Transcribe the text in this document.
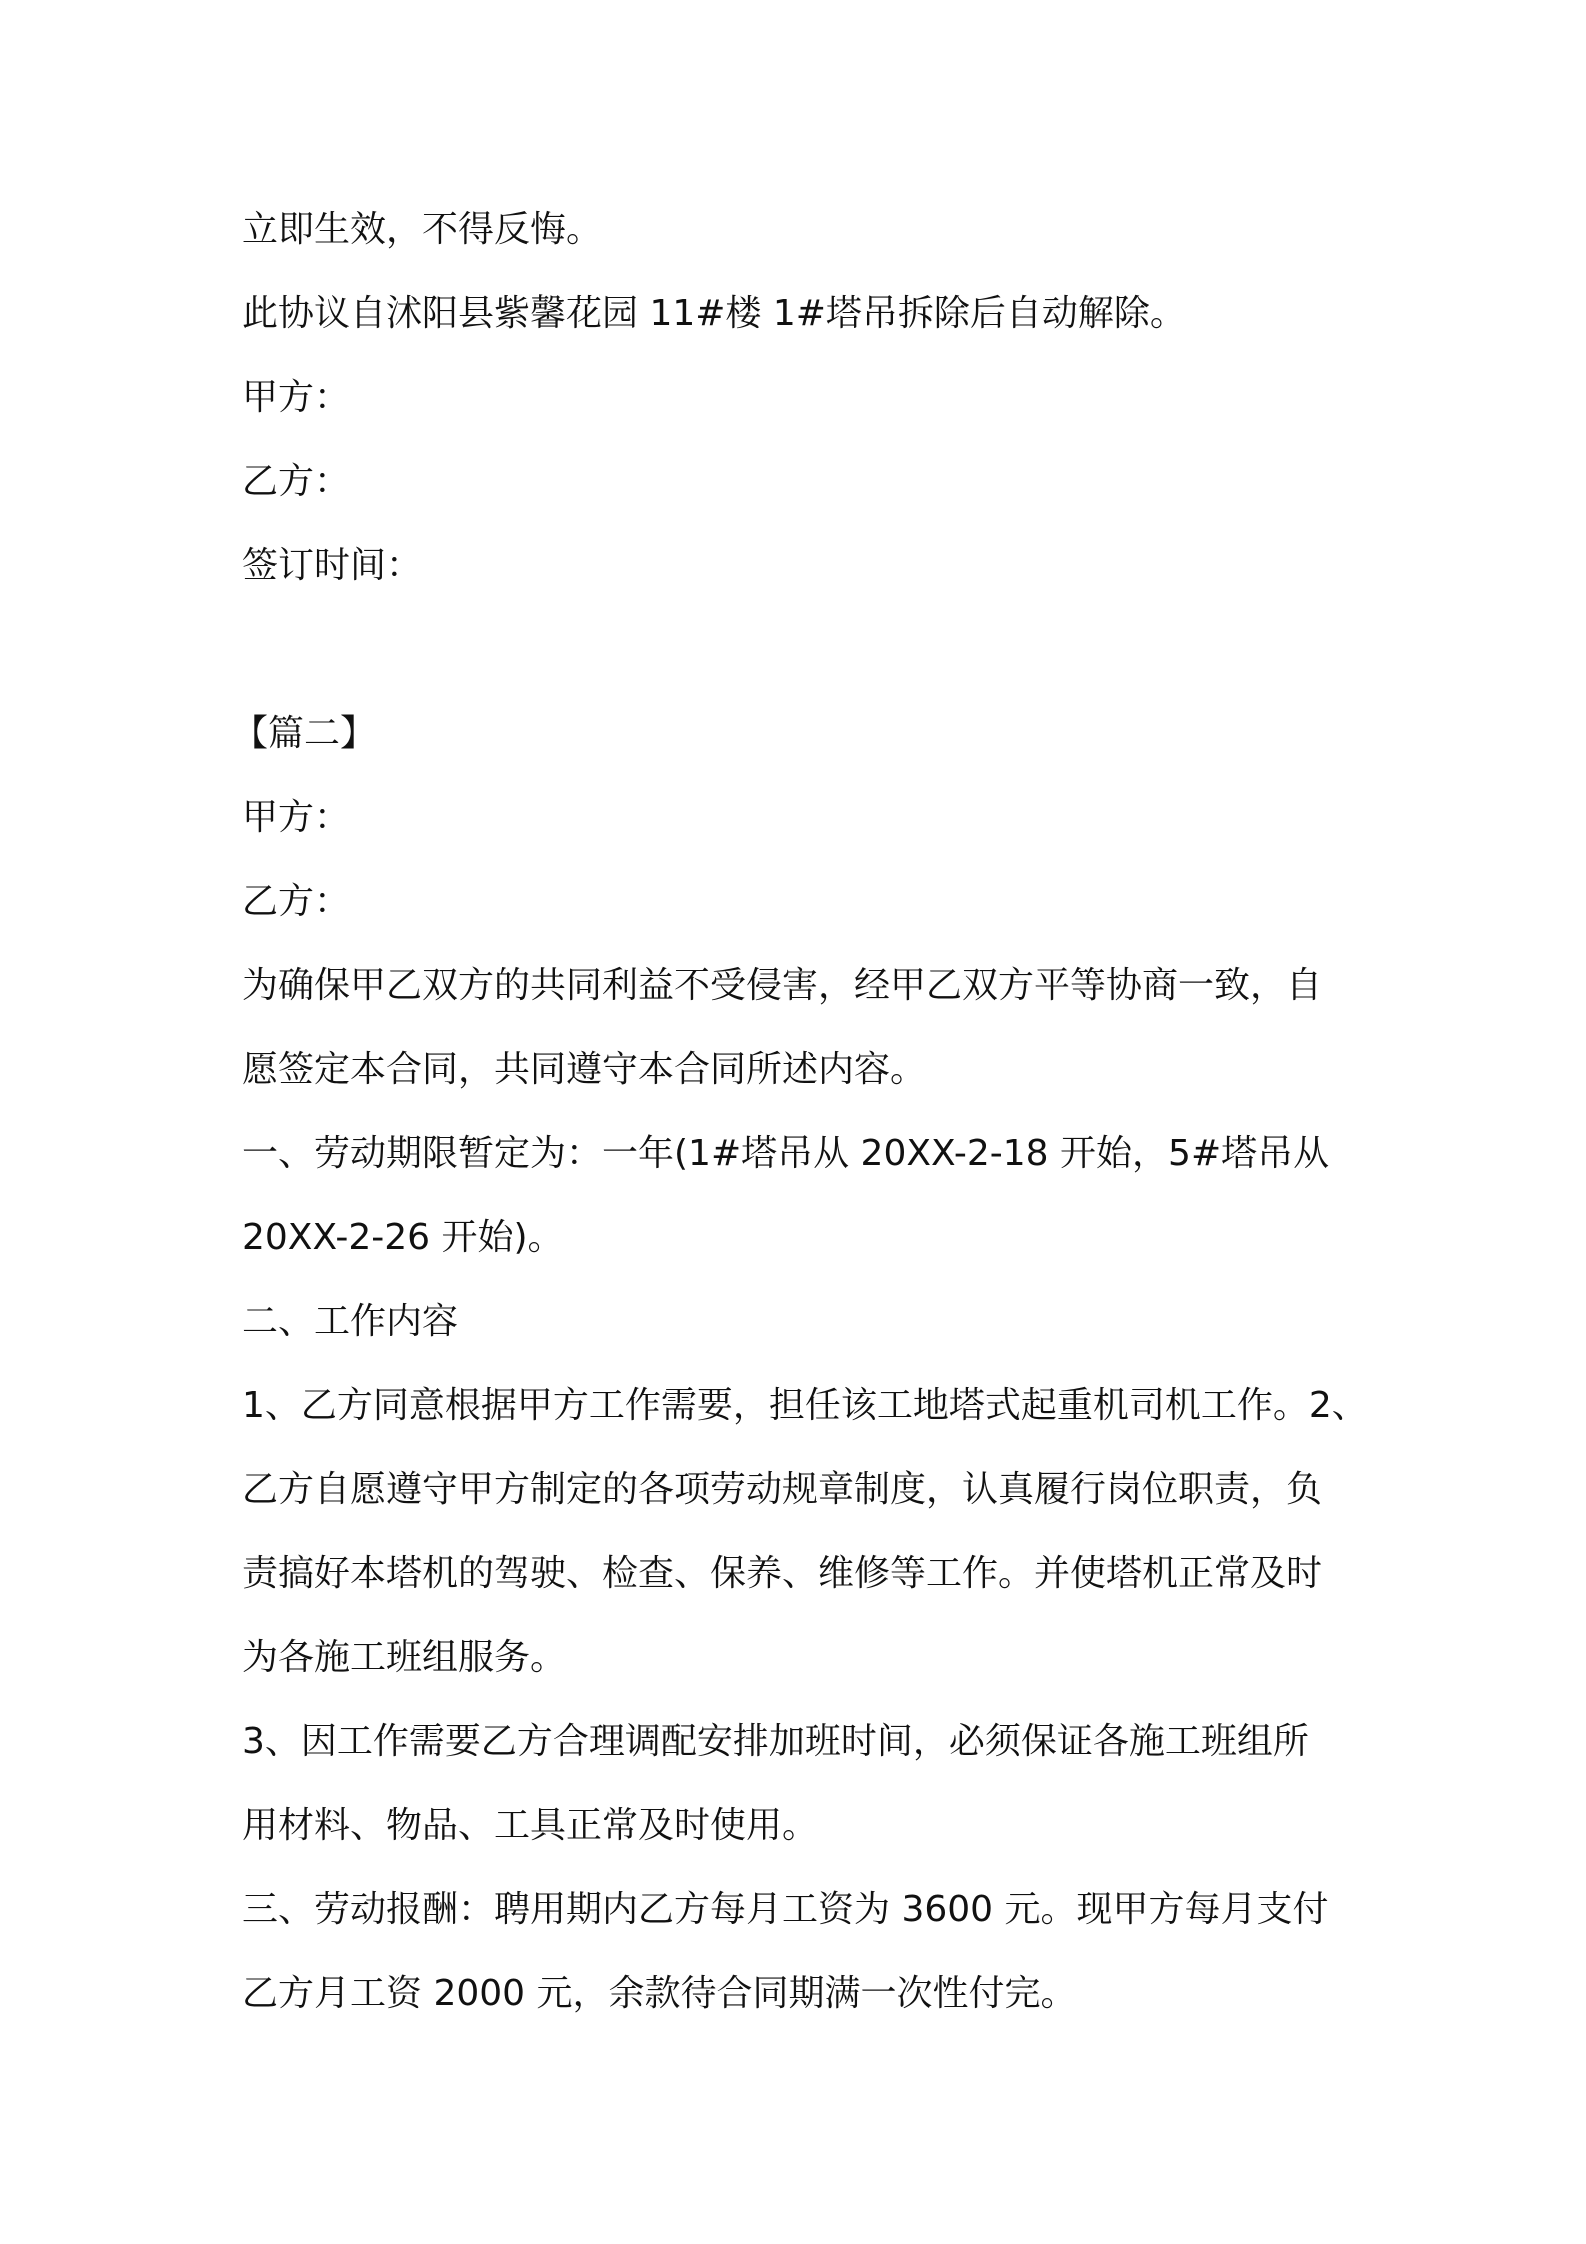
立即生效，不得反悔。
此协议自沭阳县紫馨花园 11#楼 1#塔吊拆除后自动解除。
甲方：
乙方：
签订时间：
【篇二】
甲方：
乙方：
为确保甲乙双方的共同利益不受侵害，经甲乙双方平等协商一致，自
愿签定本合同，共同遵守本合同所述内容。
一、劳动期限暂定为：一年(1#塔吊从 20XX-2-18 开始，5#塔吊从
20XX-2-26 开始)。
二、工作内容
1、乙方同意根据甲方工作需要，担任该工地塔式起重机司机工作。2、
乙方自愿遵守甲方制定的各项劳动规章制度，认真履行岗位职责，负
责搞好本塔机的驾驶、检查、保养、维修等工作。并使塔机正常及时
为各施工班组服务。
3、因工作需要乙方合理调配安排加班时间，必须保证各施工班组所
用材料、物品、工具正常及时使用。
三、劳动报酬：聘用期内乙方每月工资为 3600 元。现甲方每月支付
乙方月工资 2000 元，余款待合同期满一次性付完。
